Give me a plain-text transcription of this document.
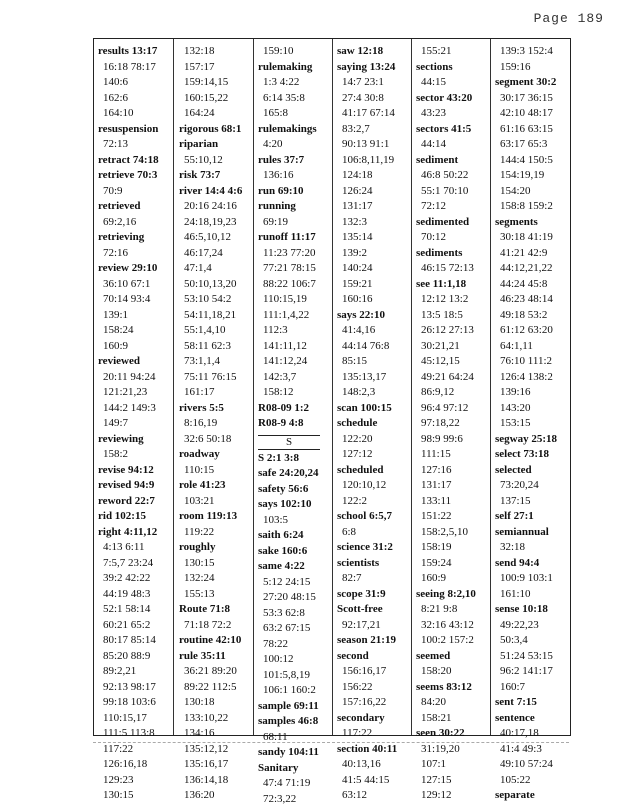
Page 189
results 13:17
16:18 78:17
140:6
162:6
164:10
resuspension
72:13
retract 74:18
retrieve 70:3
70:9
retrieved
69:2,16
retrieving
72:16
review 29:10
36:10 67:1
70:14 93:4
139:1
158:24
160:9
reviewed
20:11 94:24
121:21,23
144:2 149:3
149:7
reviewing
158:2
revise 94:12
revised 94:9
reword 22:7
rid 102:15
right 4:11,12
4:13 6:11
7:5,7 23:24
39:2 42:22
44:19 48:3
52:1 58:14
60:21 65:2
80:17 85:14
85:20 88:9
89:2,21
92:13 98:17
99:18 103:6
110:15,17
111:5 113:8
117:22
126:16,18
129:23
130:15
132:18
157:17
159:14,15
160:15,22
164:24
rigorous 68:1
riparian
55:10,12
risk 73:7
river 14:4 4:6
20:16 24:16
24:18,19,23
46:5,10,12
46:17,24
47:1,4
50:10,13,20
53:10 54:2
54:11,18,21
55:1,4,10
58:11 62:3
73:1,1,4
75:11 76:15
161:17
rivers 5:5
8:16,19
32:6 50:18
roadway
110:15
role 41:23
103:21
room 119:13
119:22
roughly
130:15
132:24
155:13
Route 71:8
71:18 72:2
routine 42:10
rule 35:11
36:21 89:20
89:22 112:5
130:18
133:10,22
134:16
135:12,12
135:16,17
136:14,18
136:20
159:10
rulemaking
1:3 4:22
6:14 35:8
165:8
rulemakings
4:20
rules 37:7
136:16
run 69:10
running
69:19
runoff 11:17
11:23 77:20
77:21 78:15
88:22 106:7
110:15,19
111:1,4,22
112:3
141:11,12
141:12,24
142:3,7
158:12
R08-09 1:2
R08-9 4:8
S
S 2:1 3:8
safe 24:20,24
safety 56:6
says 102:10
103:5
saith 6:24
sake 160:6
same 4:22
5:12 24:15
27:20 48:15
53:3 62:8
63:2 67:15
78:22
100:12
101:5,8,19
106:1 160:2
sample 69:11
samples 46:8
68:11
sandy 104:11
Sanitary
47:4 71:19
72:3,22
saw 12:18
saying 13:24
14:7 23:1
27:4 30:8
41:17 67:14
83:2,7
90:13 91:1
106:8,11,19
124:18
126:24
131:17
132:3
135:14
139:2
140:24
159:21
160:16
says 22:10
41:4,16
44:14 76:8
85:15
135:13,17
148:2,3
scan 100:15
schedule
122:20
127:12
scheduled
120:10,12
122:2
school 6:5,7
6:8
science 31:2
scientists
82:7
scope 31:9
Scott-free
92:17,21
season 21:19
second
156:16,17
156:22
157:16,22
secondary
117:22
section 40:11
40:13,16
41:5 44:15
63:12
155:21
sections
44:15
sector 43:20
43:23
sectors 41:5
44:14
sediment
46:8 50:22
55:1 70:10
72:12
sedimented
70:12
sediments
46:15 72:13
see 11:1,18
12:12 13:2
13:5 18:5
26:12 27:13
30:21,21
45:12,15
49:21 64:24
86:9,12
96:4 97:12
97:18,22
98:9 99:6
111:15
127:16
131:17
133:11
151:22
158:2,5,10
158:19
159:24
160:9
seeing 8:2,10
8:21 9:8
32:16 43:12
100:2 157:2
seemed
158:20
seems 83:12
84:20
158:21
seen 30:22
31:19,20
107:1
127:15
129:12
139:3 152:4
159:16
segment 30:2
30:17 36:15
42:10 48:17
61:16 63:15
63:17 65:3
144:4 150:5
154:19,19
154:20
158:8 159:2
segments
30:18 41:19
41:21 42:9
44:12,21,22
44:24 45:8
46:23 48:14
49:18 53:2
61:12 63:20
64:1,11
76:10 111:2
126:4 138:2
139:16
143:20
153:15
segway 25:18
select 73:18
selected
73:20,24
137:15
self 27:1
semiannual
32:18
send 94:4
100:9 103:1
161:10
sense 10:18
49:22,23
50:3,4
51:24 53:15
96:2 141:17
160:7
sent 7:15
sentence
40:17,18
41:4 49:3
49:10 57:24
105:22
separate
